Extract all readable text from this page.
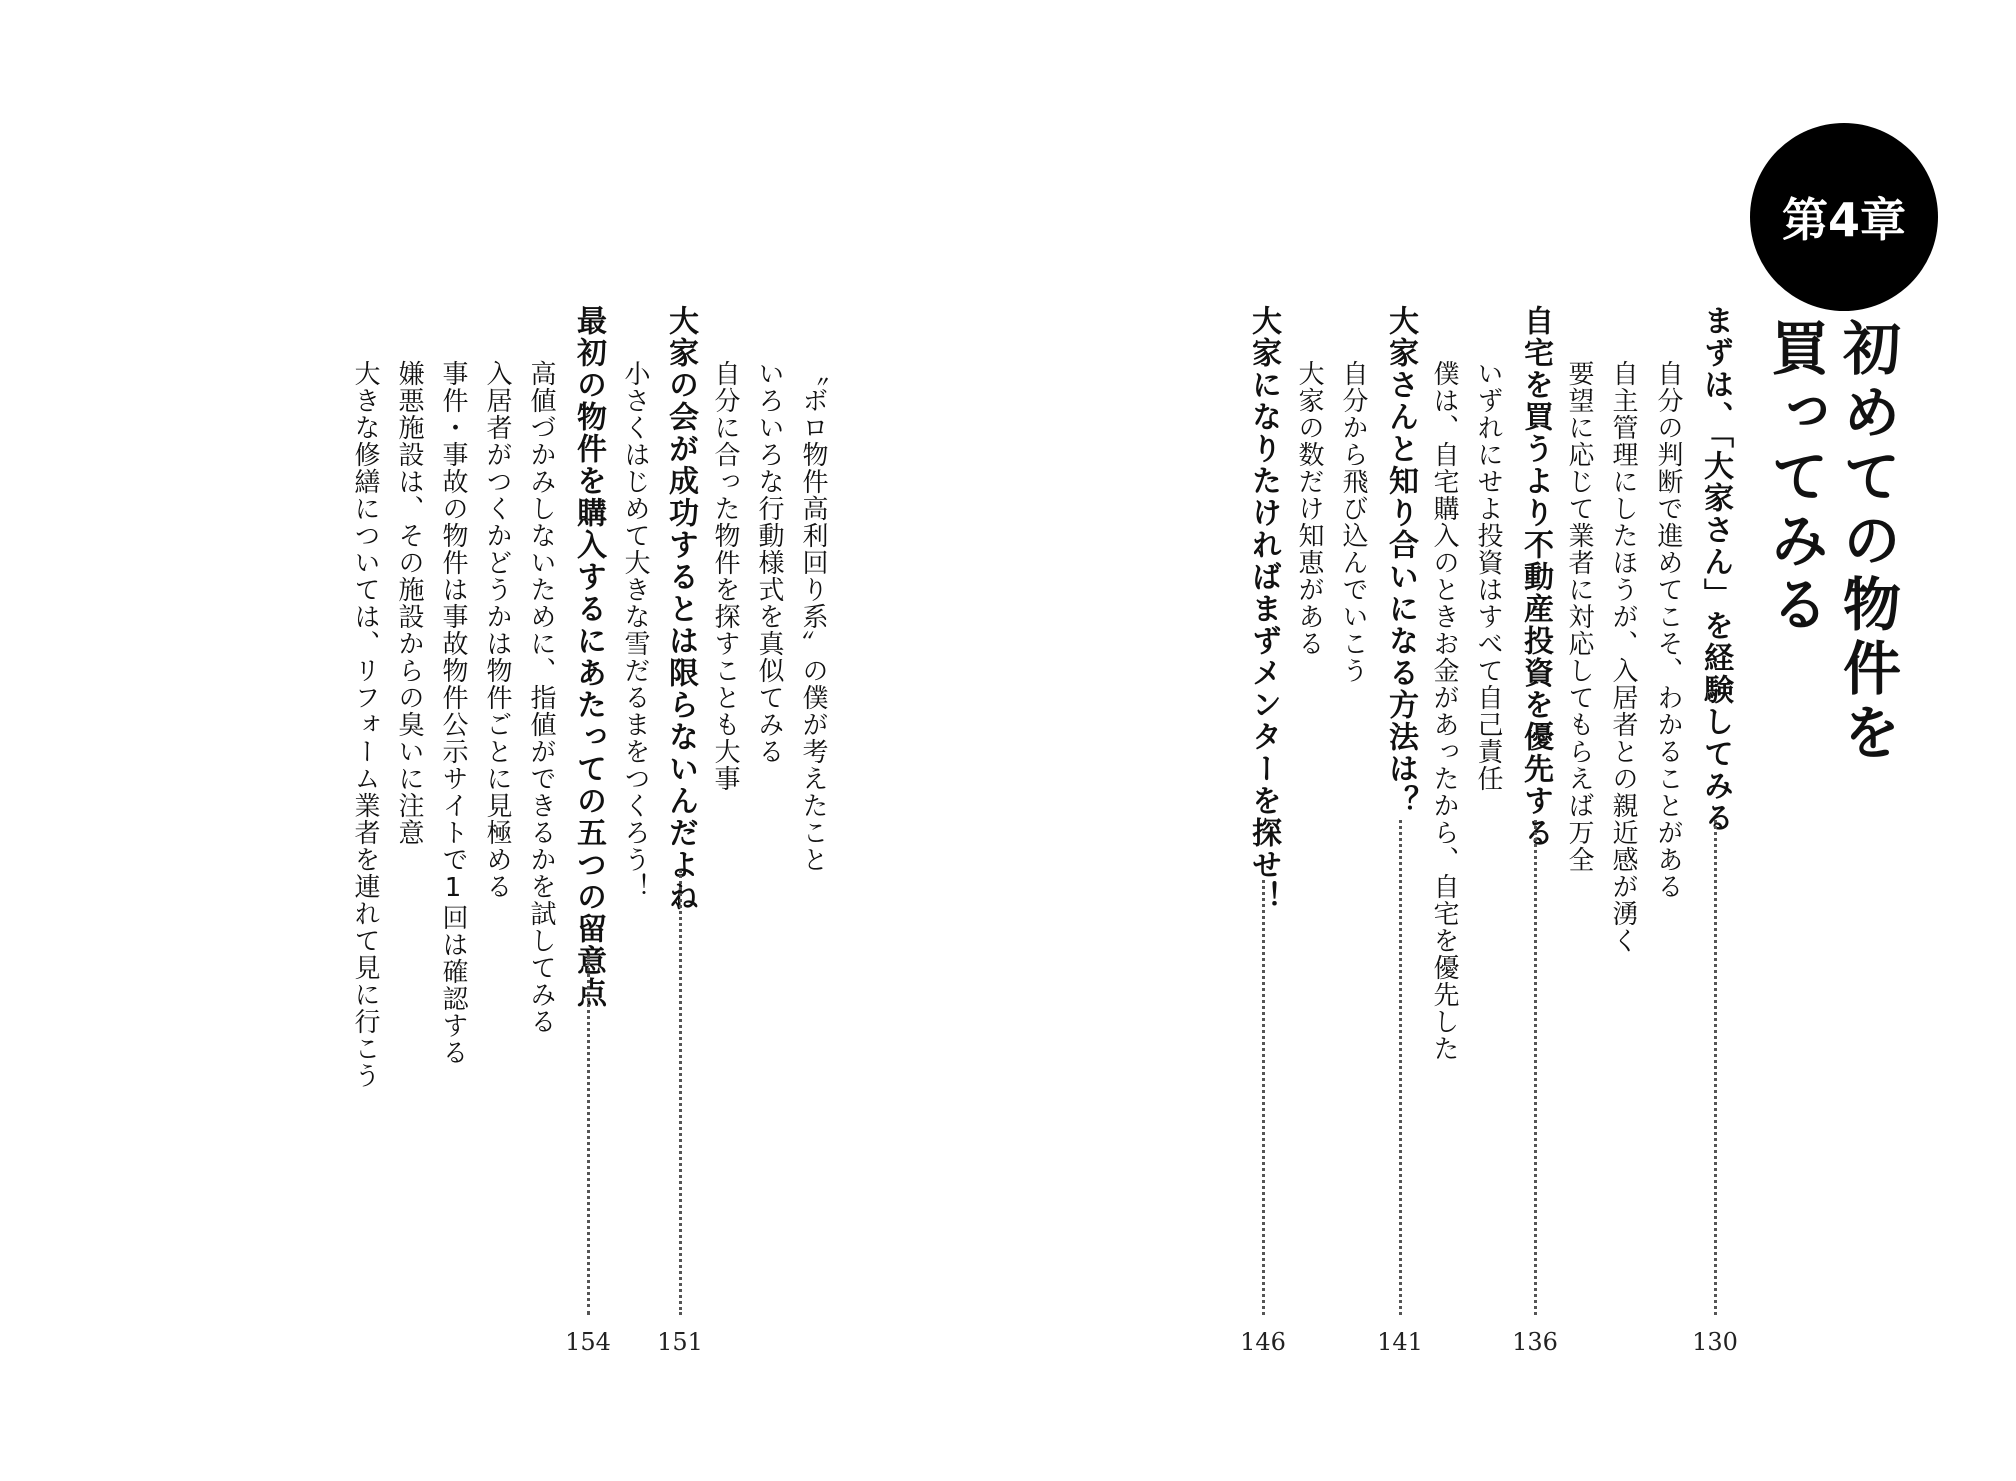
第4章
初めての物件を
買ってみる
まずは、「大家さん」を経験してみる
130
自分の判断で進めてこそ、わかることがある
自主管理にしたほうが、入居者との親近感が湧く
要望に応じて業者に対応してもらえば万全
自宅を買うより不動産投資を優先する
136
いずれにせよ投資はすべて自己責任
僕は、自宅購入のときお金があったから、自宅を優先した
大家さんと知り合いになる方法は？
141
自分から飛び込んでいこう
大家の数だけ知恵がある
大家になりたければまずメンターを探せ！
146
〝ボロ物件高利回り系〟の僕が考えたこと
いろいろな行動様式を真似てみる
自分に合った物件を探すことも大事
大家の会が成功するとは限らないんだよね
151
小さくはじめて大きな雪だるまをつくろう！
最初の物件を購入するにあたっての五つの留意点
154
高値づかみしないために、指値ができるかを試してみる
入居者がつくかどうかは物件ごとに見極める
事件・事故の物件は事故物件公示サイトで1回は確認する
嫌悪施設は、その施設からの臭いに注意
大きな修繕については、リフォーム業者を連れて見に行こう
